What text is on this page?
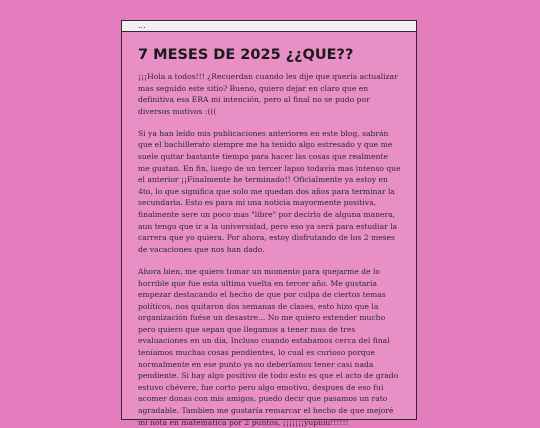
...
7 MESES DE 2025 ¿¿QUE??

¡¡¡Hola a todos!!! ¿Recuerdan cuando les dije que quería actualizar mas seguido este sitio? Bueno, quiero dejar en claro que en definitiva esa ERA mi intención, pero al final no se pudo por diversos motivos :(((

Si ya han leído mis publicaciones anteriores en este blog, sabrán que el bachillerato siempre me ha tenido algo estresado y que me suele quitar bastante tiempo para hacer las cosas que realmente me gustan. En fin, luego de un tercer lapso todavía mas intenso que el anterior ¡¡Finalmente he terminado!! Oficialmente ya estoy en 4to, lo que significa que solo me quedan dos años para terminar la secundaria. Esto es para mi una noticia mayormente positiva, finalmente sere un poco mas "libre" por decirlo de alguna manera, aun tengo que ir a la universidad, pero eso ya será para estudiar la carrera que yo quiera. Por ahora, estoy disfrutando de los 2 meses de vacaciones que nos han dado.

Ahora bien, me quiero tomar un momento para quejarme de lo horrible que fue esta ultima vuelta en tercer año. Me gustaría empezar destacando el hecho de que por culpa de ciertos temas políticos, nos quitaron dos semanas de clases, esto hizo que la organización fuése un desastre... No me quiero extender mucho pero quiero que sepan que llegamos a tener mas de tres evaluaciones en un día, Incluso cuando estabamos cerca del final teníamos muchas cosas pendientes, lo cual es curioso porque normalmente en ese punto ya no deberíamos tener casi nada pendiente. Si hay algo positivo de todo esto es que el acto de grado estuvo chévere, fue corto pero algo emotivo, despues de eso fui acomer donas con mis amigos, puedo decir que pasamos un rato agradable. Tambien me gustaría remarcar el hecho de que mejoré mi nota en matemática por 2 puntos, ¡¡¡¡¡¡¡yupiiiii!!!!!!
